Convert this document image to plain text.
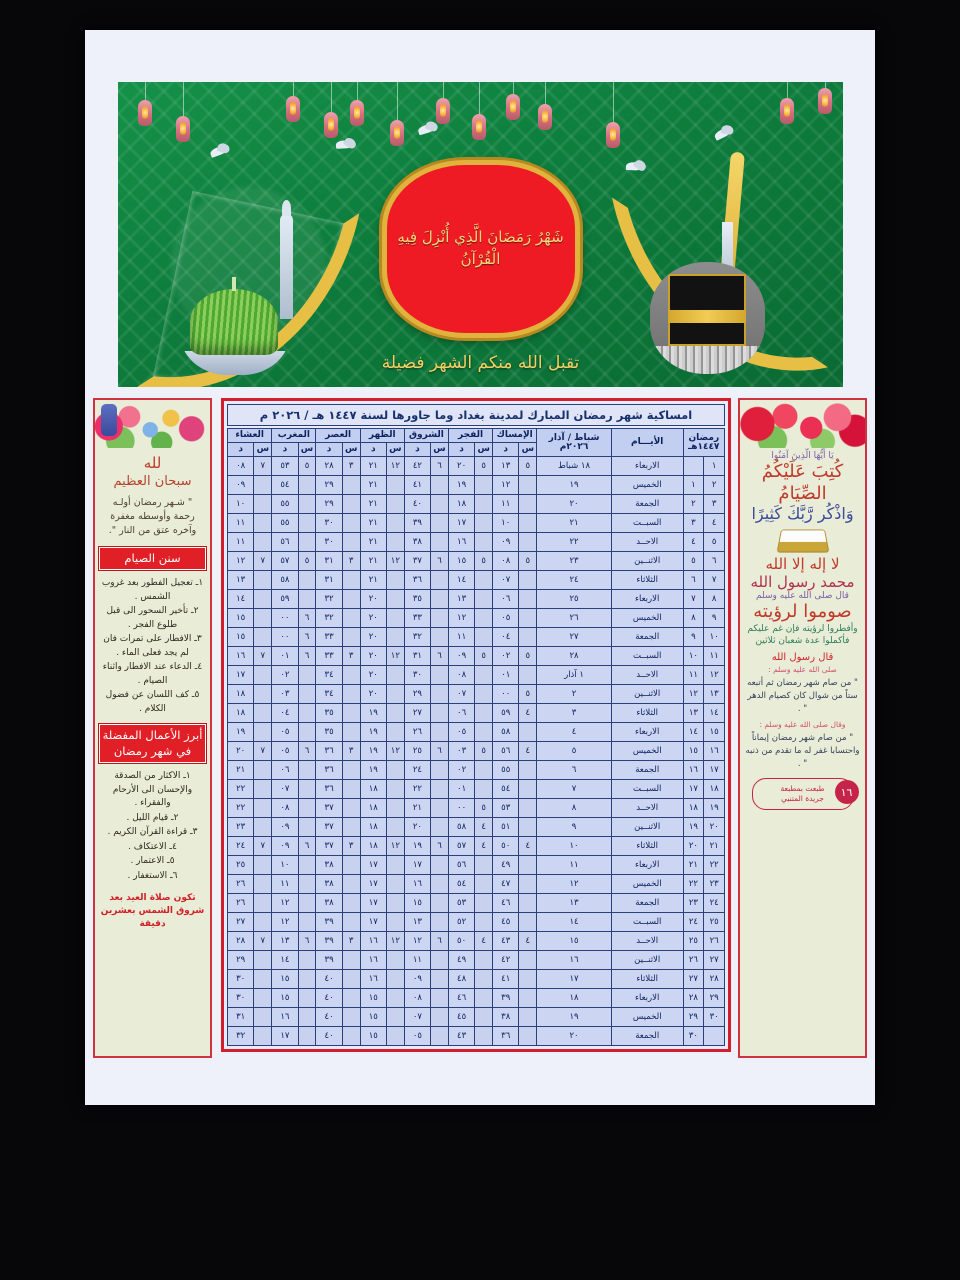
شَهْرُ رَمَضَانَ الَّذِي أُنْزِلَ فِيهِ الْقُرْآنُ
تقبل الله منكم الشهر فضيلة
لله
سبحان العظيم
" شـهر رمضان أولـه رحمة وأوسطه مغفرة وآخره عتق من النار ".
سنن الصيام
١ـ تعجيل الفطور بعد غروب الشمس .
٢ـ تأخير السحور الى قبل طلوع الفجر .
٣ـ الافطار على تمرات فان لم يجد فعلى الماء .
٤ـ الدعاء عند الافطار واثناء الصيام .
٥ـ كف اللسان عن فضول الكلام .
أبرز الأعمال المفضلة في شهر رمضان
١ـ الاكثار من الصدقة والإحسان الى الأرحام والفقراء .
٢ـ قيام الليل .
٣ـ قراءة القرآن الكريم .
٤ـ الاعتكاف .
٥ـ الاعتمار .
٦ـ الاستغفار .
تكون صلاة العيد بعد شروق الشمس بعشرين دقيقة
امساكية شهر رمضان المبارك لمدينة بغداد وما جاورها لسنة ١٤٤٧ هـ / ٢٠٢٦ م
رمضان ١٤٤٧هـ		الأيـــام	شباط / آذار ٢٠٢٦م	الإمساك		الفجر		الشروق		الظهر		العصر		المغرب		العشاء	
				س	د	س	د	س	د	س	د	س	د	س	د	س	د
١		الاربعاء	١٨ شباط	٥	١٣	٥	٢٠	٦	٤٢	١٢	٢١	٣	٢٨	٥	٥٣	٧	٠٨
٢	١	الخميس	١٩		١٢		١٩		٤١		٢١		٢٩		٥٤		٠٩
٣	٢	الجمعة	٢٠		١١		١٨		٤٠		٢١		٢٩		٥٥		١٠
٤	٣	السبــت	٢١		١٠		١٧		٣٩		٢١		٣٠		٥٥		١١
٥	٤	الاحــد	٢٢		٠٩		١٦		٣٨		٢١		٣٠		٥٦		١١
٦	٥	الاثنــين	٢٣	٥	٠٨	٥	١٥	٦	٣٧	١٢	٢١	٣	٣١	٥	٥٧	٧	١٢
٧	٦	الثلاثاء	٢٤		٠٧		١٤		٣٦		٢١		٣١		٥٨		١٣
٨	٧	الاربعاء	٢٥		٠٦		١٣		٣٥		٢٠		٣٢		٥٩		١٤
٩	٨	الخميس	٢٦		٠٥		١٢		٣٣		٢٠		٣٢	٦	٠٠		١٥
١٠	٩	الجمعة	٢٧		٠٤		١١		٣٢		٢٠		٣٣	٦	٠٠		١٥
١١	١٠	السبــت	٢٨	٥	٠٢	٥	٠٩	٦	٣١	١٢	٢٠	٣	٣٣	٦	٠١	٧	١٦
١٢	١١	الاحــد	١ آذار		٠١		٠٨		٣٠		٢٠		٣٤		٠٢		١٧
١٣	١٢	الاثنــين	٢	٥	٠٠		٠٧		٢٩		٢٠		٣٤		٠٣		١٨
١٤	١٣	الثلاثاء	٣	٤	٥٩		٠٦		٢٧		١٩		٣٥		٠٤		١٨
١٥	١٤	الاربعاء	٤		٥٨		٠٥		٢٦		١٩		٣٥		٠٥		١٩
١٦	١٥	الخميس	٥	٤	٥٦	٥	٠٣	٦	٢٥	١٢	١٩	٣	٣٦	٦	٠٥	٧	٢٠
١٧	١٦	الجمعة	٦		٥٥		٠٢		٢٤		١٩		٣٦		٠٦		٢١
١٨	١٧	السبــت	٧		٥٤		٠١		٢٢		١٨		٣٦		٠٧		٢٢
١٩	١٨	الاحــد	٨		٥٣	٥	٠٠		٢١		١٨		٣٧		٠٨		٢٢
٢٠	١٩	الاثنــين	٩		٥١	٤	٥٨		٢٠		١٨		٣٧		٠٩		٢٣
٢١	٢٠	الثلاثاء	١٠	٤	٥٠	٤	٥٧	٦	١٩	١٢	١٨	٣	٣٧	٦	٠٩	٧	٢٤
٢٢	٢١	الاربعاء	١١		٤٩		٥٦		١٧		١٧		٣٨		١٠		٢٥
٢٣	٢٢	الخميس	١٢		٤٧		٥٤		١٦		١٧		٣٨		١١		٢٦
٢٤	٢٣	الجمعة	١٣		٤٦		٥٣		١٥		١٧		٣٨		١٢		٢٦
٢٥	٢٤	السبــت	١٤		٤٥		٥٢		١٣		١٧		٣٩		١٢		٢٧
٢٦	٢٥	الاحــد	١٥	٤	٤٣	٤	٥٠	٦	١٢	١٢	١٦	٣	٣٩	٦	١٣	٧	٢٨
٢٧	٢٦	الاثنــين	١٦		٤٢		٤٩		١١		١٦		٣٩		١٤		٢٩
٢٨	٢٧	الثلاثاء	١٧		٤١		٤٨		٠٩		١٦		٤٠		١٥		٣٠
٢٩	٢٨	الاربعاء	١٨		٣٩		٤٦		٠٨		١٥		٤٠		١٥		٣٠
٣٠	٢٩	الخميس	١٩		٣٨		٤٥		٠٧		١٥		٤٠		١٦		٣١
	٣٠	الجمعة	٢٠		٣٦		٤٣		٠٥		١٥		٤٠		١٧		٣٢
يَا أَيُّهَا الَّذِينَ آمَنُوا
كُتِبَ عَلَيْكُمُ الصِّيَامُ
وَاذْكُر رَّبَّكَ كَثِيرًا
لا إله إلا الله
محمد رسول الله
قال صلى الله عليه وسلم
صوموا لرؤيته
وأفطروا لرؤيته فإن غم عليكم فأكملوا عدة شعبان ثلاثين
قال رسول الله
صلى الله عليه وسلم :
" من صام شهر رمضان ثم أتبعه ستاً من شوال كان كصيام الدهر " .
وقال صلى الله عليه وسلم :
" من صام شهر رمضان إيماناً واحتسابا غفر له ما تقدم من ذنبه " .
١٦
طبعت بمطبعة
جريدة المتنبي
